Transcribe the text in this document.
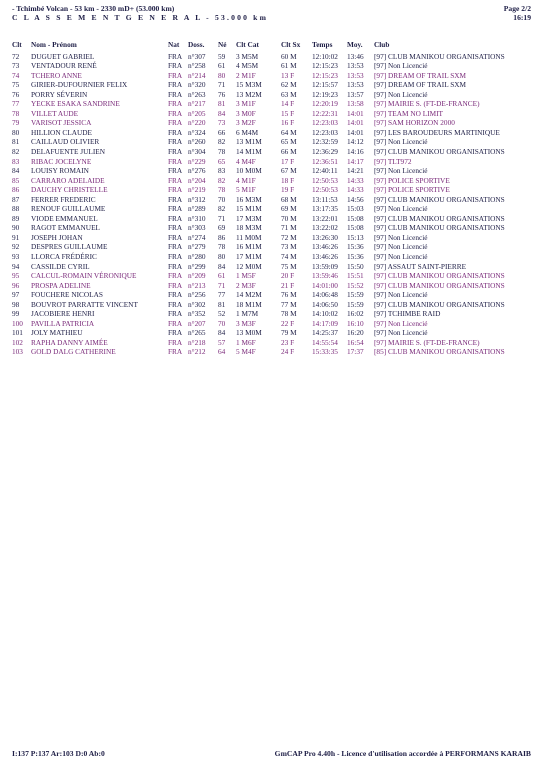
- Tchimbé Volcan - 53 km - 2330 mD+ (53.000 km)
C L A S S E M E N T G E N E R A L - 53.000 km
Page 2/2
16:19
Clt	Nom - Prénom	Nat	Doss.	Né	Clt Cat	Clt Sx	Temps	Moy.	Club
72	DUGUET GABRIEL	FRA	n°307	59	3 M5M	60 M	12:10:02	13:46	[97] CLUB MANIKOU ORGANISATIONS
73	VENTADOUR RENÉ	FRA	n°258	61	4 M5M	61 M	12:15:23	13:53	[97] Non Licencié
74	TCHERO ANNE	FRA	n°214	80	2 M1F	13 F	12:15:23	13:53	[97] DREAM OF TRAIL SXM
75	GIRIER-DUFOURNIER FELIX	FRA	n°320	71	15 M3M	62 M	12:15:57	13:53	[97] DREAM OF TRAIL SXM
76	PORRY SÉVERIN	FRA	n°263	76	13 M2M	63 M	12:19:23	13:57	[97] Non Licencié
77	YECKE ESAKA SANDRINE	FRA	n°217	81	3 M1F	14 F	12:20:19	13:58	[97] MAIRIE S. (FT-DE-FRANCE)
78	VILLET AUDE	FRA	n°205	84	3 M0F	15 F	12:22:31	14:01	[97] TEAM NO LIMIT
79	VARISOT JESSICA	FRA	n°220	73	3 M2F	16 F	12:23:03	14:01	[97] SAM HORIZON 2000
80	HILLION CLAUDE	FRA	n°324	66	6 M4M	64 M	12:23:03	14:01	[97] LES BAROUDEURS MARTINIQUE
81	CAILLAUD OLIVIER	FRA	n°260	82	13 M1M	65 M	12:32:59	14:12	[97] Non Licencié
82	DELAFUENTE JULIEN	FRA	n°304	78	14 M1M	66 M	12:36:29	14:16	[97] CLUB MANIKOU ORGANISATIONS
83	RIBAC JOCELYNE	FRA	n°229	65	4 M4F	17 F	12:36:51	14:17	[97] TLT972
84	LOUISY ROMAIN	FRA	n°276	83	10 M0M	67 M	12:40:11	14:21	[97] Non Licencié
85	CARRARO ADELAIDE	FRA	n°204	82	4 M1F	18 F	12:50:53	14:33	[97] POLICE SPORTIVE
86	DAUCHY CHRISTELLE	FRA	n°219	78	5 M1F	19 F	12:50:53	14:33	[97] POLICE SPORTIVE
87	FERRER FREDERIC	FRA	n°312	70	16 M3M	68 M	13:11:53	14:56	[97] CLUB MANIKOU ORGANISATIONS
88	RENOUF GUILLAUME	FRA	n°289	82	15 M1M	69 M	13:17:35	15:03	[97] Non Licencié
89	VIODE EMMANUEL	FRA	n°310	71	17 M3M	70 M	13:22:01	15:08	[97] CLUB MANIKOU ORGANISATIONS
90	RAGOT EMMANUEL	FRA	n°303	69	18 M3M	71 M	13:22:02	15:08	[97] CLUB MANIKOU ORGANISATIONS
91	JOSEPH JOHAN	FRA	n°274	86	11 M0M	72 M	13:26:30	15:13	[97] Non Licencié
92	DESPRES GUILLAUME	FRA	n°279	78	16 M1M	73 M	13:46:26	15:36	[97] Non Licencié
93	LLORCA FRÉDÉRIC	FRA	n°280	80	17 M1M	74 M	13:46:26	15:36	[97] Non Licencié
94	CASSILDE CYRIL	FRA	n°299	84	12 M0M	75 M	13:59:09	15:50	[97] ASSAUT SAINT-PIERRE
95	CALCUL-ROMAIN VÉRONIQUE	FRA	n°209	61	1 M5F	20 F	13:59:46	15:51	[97] CLUB MANIKOU ORGANISATIONS
96	PROSPA ADELINE	FRA	n°213	71	2 M3F	21 F	14:01:00	15:52	[97] CLUB MANIKOU ORGANISATIONS
97	FOUCHERE NICOLAS	FRA	n°256	77	14 M2M	76 M	14:06:48	15:59	[97] Non Licencié
98	BOUVROT PARRATTE VINCENT	FRA	n°302	81	18 M1M	77 M	14:06:50	15:59	[97] CLUB MANIKOU ORGANISATIONS
99	JACOBIERE HENRI	FRA	n°352	52	1 M7M	78 M	14:10:02	16:02	[97] TCHIMBE RAID
100	PAVILLA PATRICIA	FRA	n°207	70	3 M3F	22 F	14:17:09	16:10	[97] Non Licencié
101	JOLY MATHIEU	FRA	n°265	84	13 M0M	79 M	14:25:37	16:20	[97] Non Licencié
102	RAPHA DANNY AIMÉE	FRA	n°218	57	1 M6F	23 F	14:55:54	16:54	[97] MAIRIE S. (FT-DE-FRANCE)
103	GOLD DALG CATHERINE	FRA	n°212	64	5 M4F	24 F	15:33:35	17:37	[85] CLUB MANIKOU ORGANISATIONS
I:137 P:137 Ar:103 D:0 Ab:0	GmCAP Pro 4.40h - Licence d'utilisation accordée à PERFORMANS KARAIB
